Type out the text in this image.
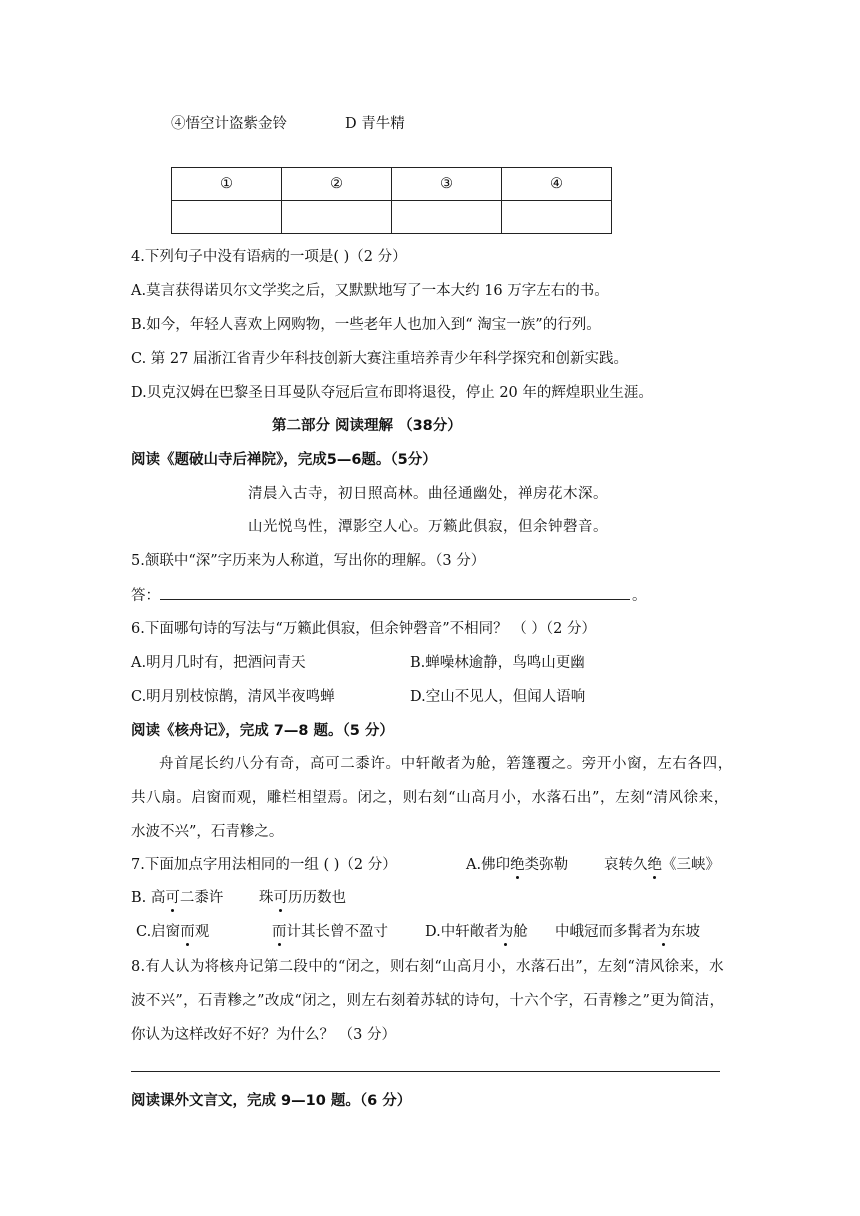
④悟空计盗紫金铃	D 青牛精
①	②	③	④

4.下列句子中没有语病的一项是( )（2 分）
A.莫言获得诺贝尔文学奖之后，又默默地写了一本大约 16 万字左右的书。
B.如今，年轻人喜欢上网购物，一些老年人也加入到“ 淘宝一族”的行列。
C. 第 27 届浙江省青少年科技创新大赛注重培养青少年科学探究和创新实践。
D.贝克汉姆在巴黎圣日耳曼队夺冠后宣布即将退役，停止 20 年的辉煌职业生涯。
第二部分 阅读理解 （38分）
阅读《题破山寺后禅院》，完成5—6题。（5分）
清晨入古寺，初日照高林。曲径通幽处，禅房花木深。
山光悦鸟性，潭影空人心。万籁此俱寂，但余钟磬音。
5.颔联中“深”字历来为人称道，写出你的理解。（3 分）
答：	。
6.下面哪句诗的写法与“万籁此俱寂，但余钟磬音”不相同？ （ ）（2 分）
A.明月几时有，把酒问青天	B.蝉噪林逾静，鸟鸣山更幽
C.明月别枝惊鹊，清风半夜鸣蝉	D.空山不见人，但闻人语响
阅读《核舟记》，完成 7—8 题。（5 分）
舟首尾长约八分有奇，高可二黍许。中轩敞者为舱，箬篷覆之。旁开小窗，左右各四，
共八扇。启窗而观，雕栏相望焉。闭之，则右刻“山高月小，水落石出”，左刻“清风徐来，
水波不兴”，石青糁之。
7.下面加点字用法相同的一组 ( )（2 分）	A.佛印绝类弥勒 哀转久绝《三峡》
B. 高可二黍许 珠可历历数也
C.启窗而观	而计其长曾不盈寸	D.中轩敞者为舱 中峨冠而多髯者为东坡
8.有人认为将核舟记第二段中的“闭之，则右刻“山高月小，水落石出”，左刻“清风徐来，水
波不兴”，石青糁之”改成“闭之，则左右刻着苏轼的诗句，十六个字，石青糁之”更为简洁，
你认为这样改好不好？为什么？ （3 分）
阅读课外文言文，完成 9—10 题。（6 分）
